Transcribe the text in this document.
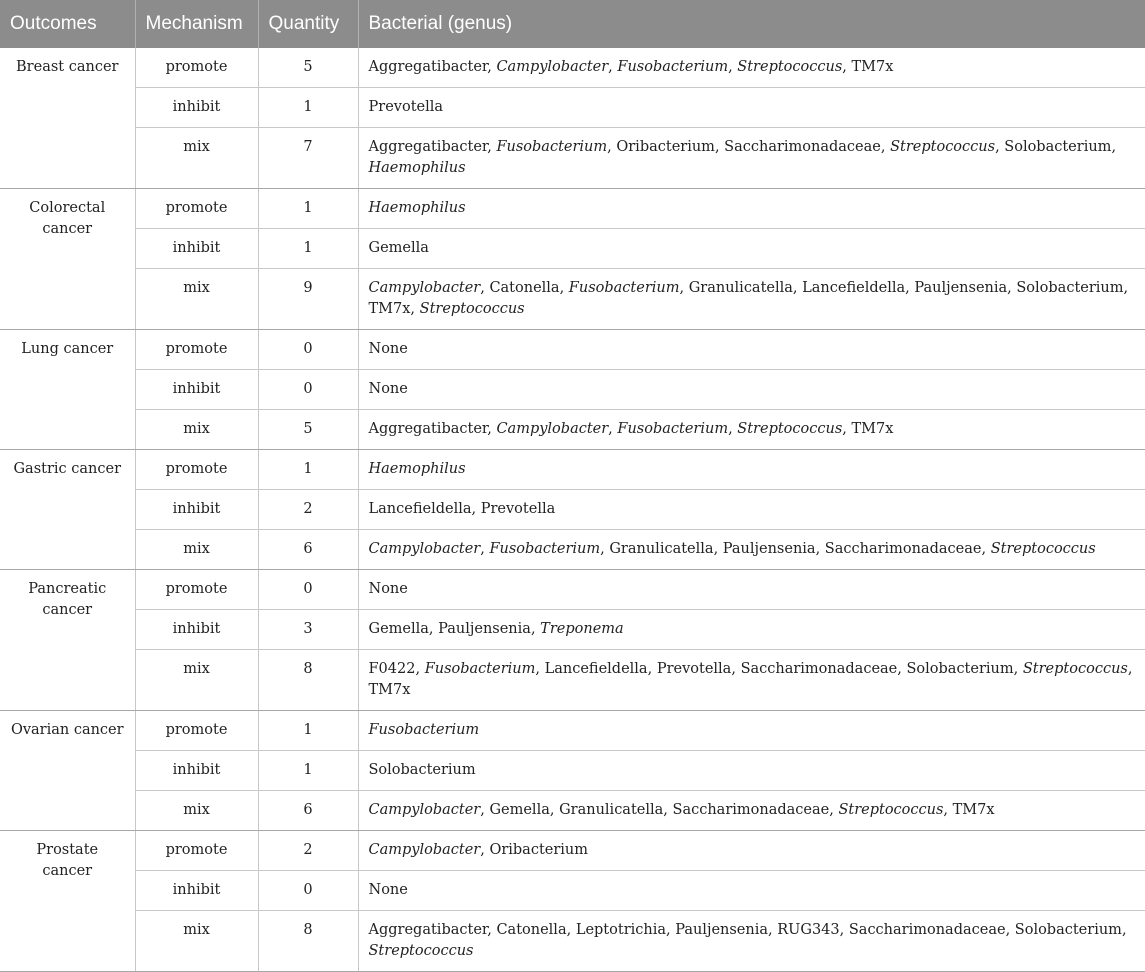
Outcomes	Mechanism	Quantity	Bacterial (genus)
Breast cancer	promote	5	Aggregatibacter, Campylobacter, Fusobacterium, Streptococcus, TM7x
	inhibit	1	Prevotella
	mix	7	Aggregatibacter, Fusobacterium, Oribacterium, Saccharimonadaceae, Streptococcus, Solobacterium, Haemophilus
Colorectal cancer	promote	1	Haemophilus
	inhibit	1	Gemella
	mix	9	Campylobacter, Catonella, Fusobacterium, Granulicatella, Lancefieldella, Pauljensenia, Solobacterium, TM7x, Streptococcus
Lung cancer	promote	0	None
	inhibit	0	None
	mix	5	Aggregatibacter, Campylobacter, Fusobacterium, Streptococcus, TM7x
Gastric cancer	promote	1	Haemophilus
	inhibit	2	Lancefieldella, Prevotella
	mix	6	Campylobacter, Fusobacterium, Granulicatella, Pauljensenia, Saccharimonadaceae, Streptococcus
Pancreatic cancer	promote	0	None
	inhibit	3	Gemella, Pauljensenia, Treponema
	mix	8	F0422, Fusobacterium, Lancefieldella, Prevotella, Saccharimonadaceae, Solobacterium, Streptococcus, TM7x
Ovarian cancer	promote	1	Fusobacterium
	inhibit	1	Solobacterium
	mix	6	Campylobacter, Gemella, Granulicatella, Saccharimonadaceae, Streptococcus, TM7x
Prostate cancer	promote	2	Campylobacter, Oribacterium
	inhibit	0	None
	mix	8	Aggregatibacter, Catonella, Leptotrichia, Pauljensenia, RUG343, Saccharimonadaceae, Solobacterium, Streptococcus
